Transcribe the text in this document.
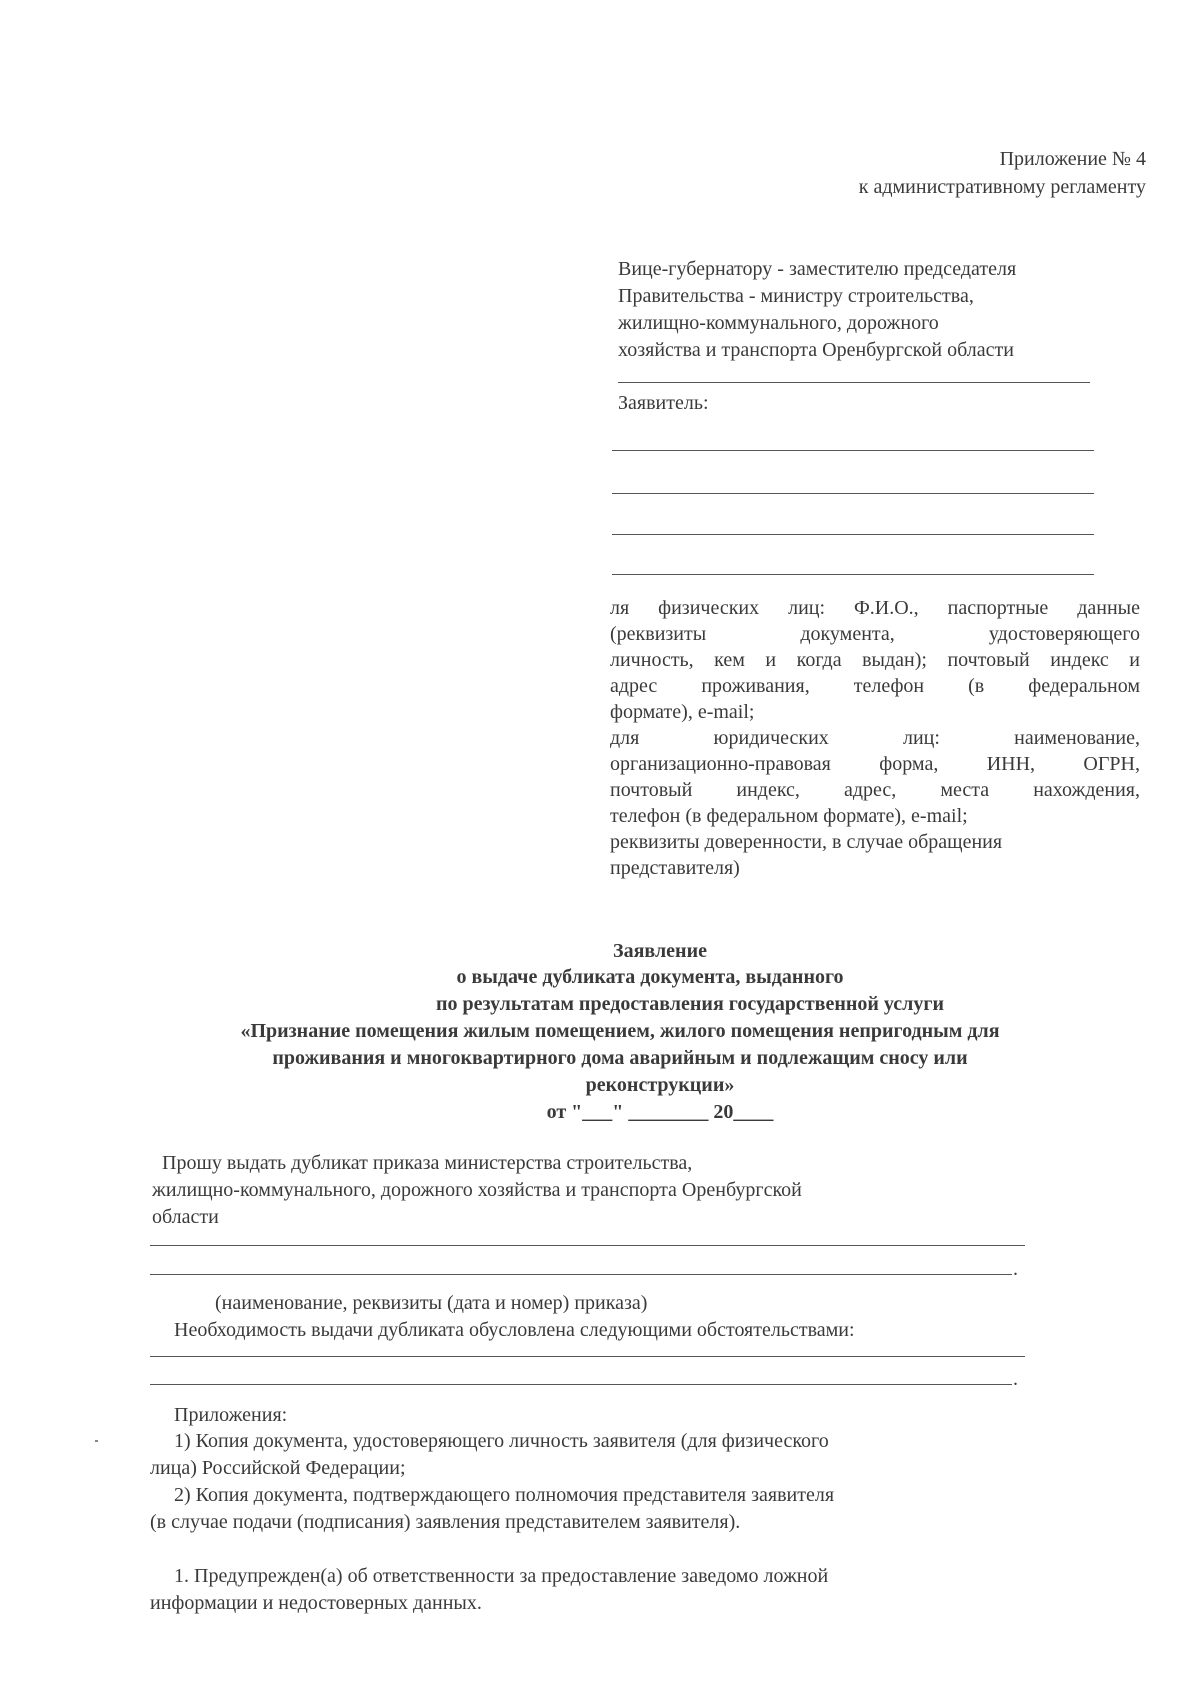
Приложение № 4
к административному регламенту
Вице-губернатору - заместителю председателя
Правительства - министру строительства,
жилищно-коммунального, дорожного
хозяйства и транспорта Оренбургской области
Заявитель:
ля физических лиц: Ф.И.О., паспортные данные
(реквизиты документа, удостоверяющего
личность, кем и когда выдан); почтовый индекс и
адрес проживания, телефон (в федеральном
формате), e-mail;
для юридических лиц: наименование,
организационно-правовая форма, ИНН, ОГРН,
почтовый индекс, адрес, места нахождения,
телефон (в федеральном формате), e-mail;
реквизиты доверенности, в случае обращения
представителя)
Заявление
о выдаче дубликата документа, выданного
по результатам предоставления государственной услуги
«Признание помещения жилым помещением, жилого помещения непригодным для
проживания и многоквартирного дома аварийным и подлежащим сносу или
реконструкции»
от "___" ________ 20____
Прошу выдать дубликат приказа министерства строительства,
жилищно-коммунального, дорожного хозяйства и транспорта Оренбургской
области
.
(наименование, реквизиты (дата и номер) приказа)
Необходимость выдачи дубликата обусловлена следующими обстоятельствами:
.
Приложения:
1) Копия документа, удостоверяющего личность заявителя (для физического
лица) Российской Федерации;
2) Копия документа, подтверждающего полномочия представителя заявителя
(в случае подачи (подписания) заявления представителем заявителя).
1. Предупрежден(а) об ответственности за предоставление заведомо ложной
информации и недостоверных данных.
